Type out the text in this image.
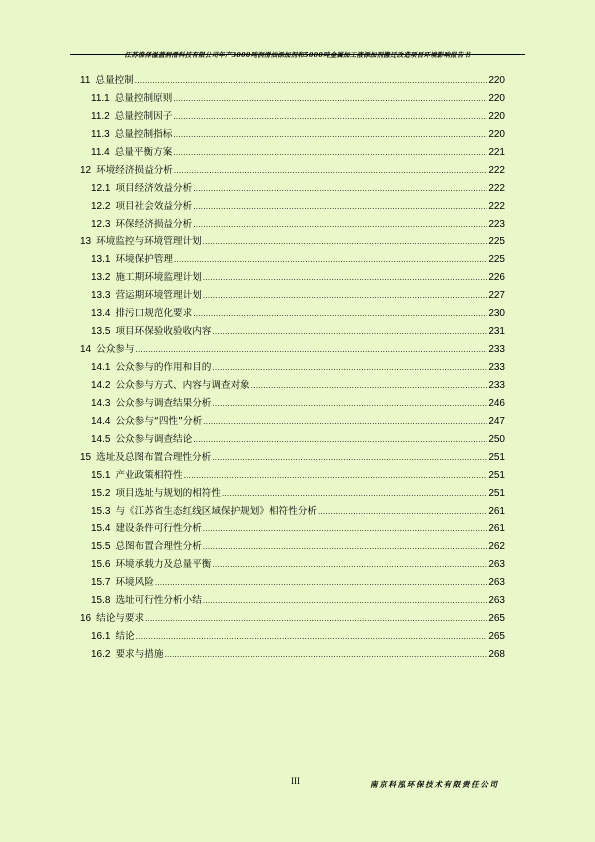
江苏淮泽溢蓝润滑科技有限公司年产3000吨润滑油添加剂和5000吨金属加工液添加剂搬迁改造项目环境影响报告书
11 总量控制 .....	220
11.1 总量控制原则 .....	220
11.2 总量控制因子 .....	220
11.3 总量控制指标 .....	220
11.4 总量平衡方案 .....	221
12 环境经济损益分析 .....	222
12.1 项目经济效益分析 .....	222
12.2 项目社会效益分析 .....	222
12.3 环保经济损益分析 .....	223
13 环境监控与环境管理计划 .....	225
13.1 环境保护管理 .....	225
13.2 施工期环境监理计划 .....	226
13.3 营运期环境管理计划 .....	227
13.4 排污口规范化要求 .....	230
13.5 项目环保验收验收内容 .....	231
14 公众参与 .....	233
14.1 公众参与的作用和目的 .....	233
14.2 公众参与方式、内容与调查对象 .....	233
14.3 公众参与调查结果分析 .....	246
14.4 公众参与“四性”分析 .....	247
14.5 公众参与调查结论 .....	250
15 选址及总图布置合理性分析 .....	251
15.1 产业政策相符性 .....	251
15.2 项目选址与规划的相符性 .....	251
15.3 与《江苏省生态红线区域保护规划》相符性分析 .....	261
15.4 建设条件可行性分析 .....	261
15.5 总图布置合理性分析 .....	262
15.6 环境承载力及总量平衡 .....	263
15.7 环境风险 .....	263
15.8 选址可行性分析小结 .....	263
16 结论与要求 .....	265
16.1 结论 .....	265
16.2 要求与措施 .....	268
III	南京科泓环保技术有限责任公司
